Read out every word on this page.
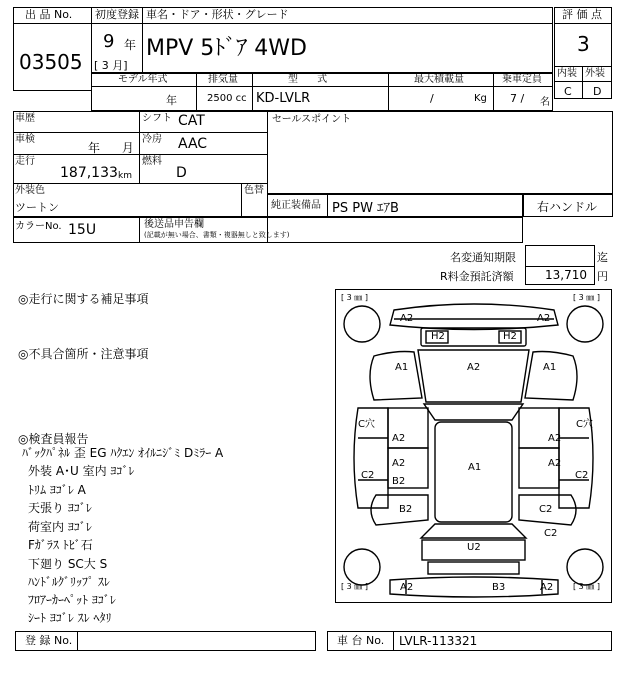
出 品 No.
03505
初度登録
9 年
[ 3 月]
車名・ドア・形状・グレード
MPV 5ﾄﾞｱ 4WD
評 価 点
3
内装 外装
C D
モデル年式	排気量	型 式	最大積載量	乗車定員
年	2500 cc KD-LVLR	/	Kg 7 / 名
車歴	シフト CAT
車検
年 月
冷房 AAC
走行
187,133 km
燃料
D
外装色
ツートン
色替
セールスポイント
純正装備品 PS PW ｴｱB	右ハンドル
カラーNo. 15U	後送品申告欄
(記載が無い場合、書類・複器無しと致します)
名変通知期限	迄
R料金預託済額	13,710 円
◎走行に関する補足事項
◎不具合箇所・注意事項
◎検査員報告
ﾊﾞｯｸﾊﾟﾈﾙ 歪 EG ﾊｸｴﾝ ｵｲﾙﾆｼﾞﾐ Dﾐﾗｰ A
外装 A･U 室内 ﾖｺﾞﾚ
ﾄﾘﾑ ﾖｺﾞﾚ A
天張り ﾖｺﾞﾚ
荷室内 ﾖｺﾞﾚ
Fｶﾞﾗｽ ﾄﾋﾞ石
下廻り SC大 S
ﾊﾝﾄﾞﾙｸﾞﾘｯﾌﾟ ｽﾚ
ﾌﾛｱｰｶｰﾍﾟｯﾄ ﾖｺﾞﾚ
ｼｰﾄ ﾖｺﾞﾚ ｽﾚ ﾍﾀﾘ
[ 3 ㎜ ]	[ 3 ㎜ ]
[ 3 ㎜ ]	[ 3 ㎜ ]
A2	A2
H2	H2
A1	A2	A1
C穴	C穴
A2	A2
A1
A2
B2
A2
C2	C2
B2	C2
C2
U2
A2	B3	A2
登 録 No.	車 台 No. LVLR-113321
